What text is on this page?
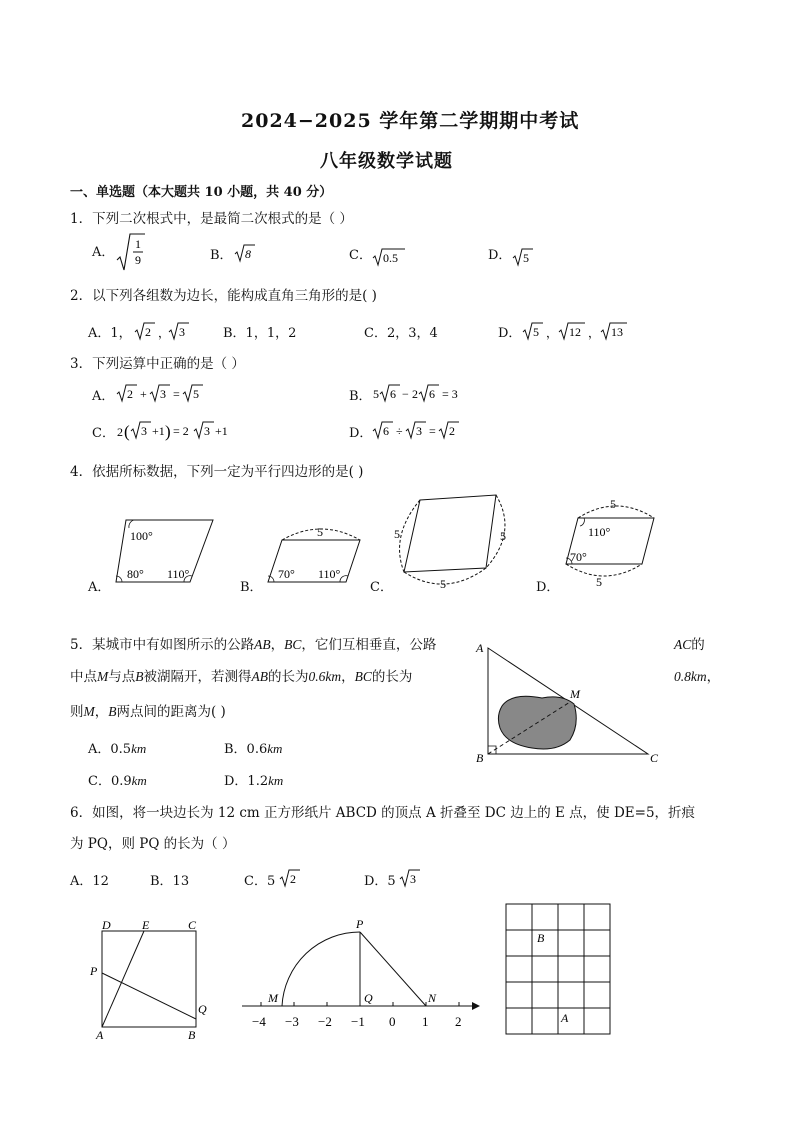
2024−2025 学年第二学期期中考试
八年级数学试题
一、单选题（本大题共 10 小题，共 40 分）
1．下列二次根式中，是最简二次根式的是（ ）
A．
1
9	B． 8	C． 0.5	D． 5
2．以下列各组数为边长，能构成直角三角形的是( )
A．1， 2 ， 3	B．1，1，2	C．2，3，4	D． 5 ， 12 ， 13
3．下列运算中正确的是（ ）
A． 2 + 3 = 5	B． 5 6 − 2 6 = 3
C． 2 ( 3 +1 ) = 2 3 +1	D． 6 ÷ 3 = 2
4．依据所标数据，下列一定为平行四边形的是( )
A．
100°
80° 110°
B．
5
70° 110°
C．
5	5
5	D．
5
5
110°
70°
5．某城市中有如图所示的公路AB，BC，它们互相垂直，公路	AC的
中点M与点B被湖隔开，若测得AB的长为0.6km，BC的长为	0.8km，
则M，B两点间的距离为( )
A．0.5km	B．0.6km
C．0.9km	D．1.2km
A
B	C
M
6．如图，将一块边长为 12 cm 正方形纸片 ABCD 的顶点 A 折叠至 DC 边上的 E 点，使 DE=5，折痕
为 PQ，则 PQ 的长为（ ）
A．12	B．13	C．5 2	D．5 3
D	E	C
P
Q
A	B
−4 −3 −2 −1 0 1 2
P
M	Q	N
B
A
